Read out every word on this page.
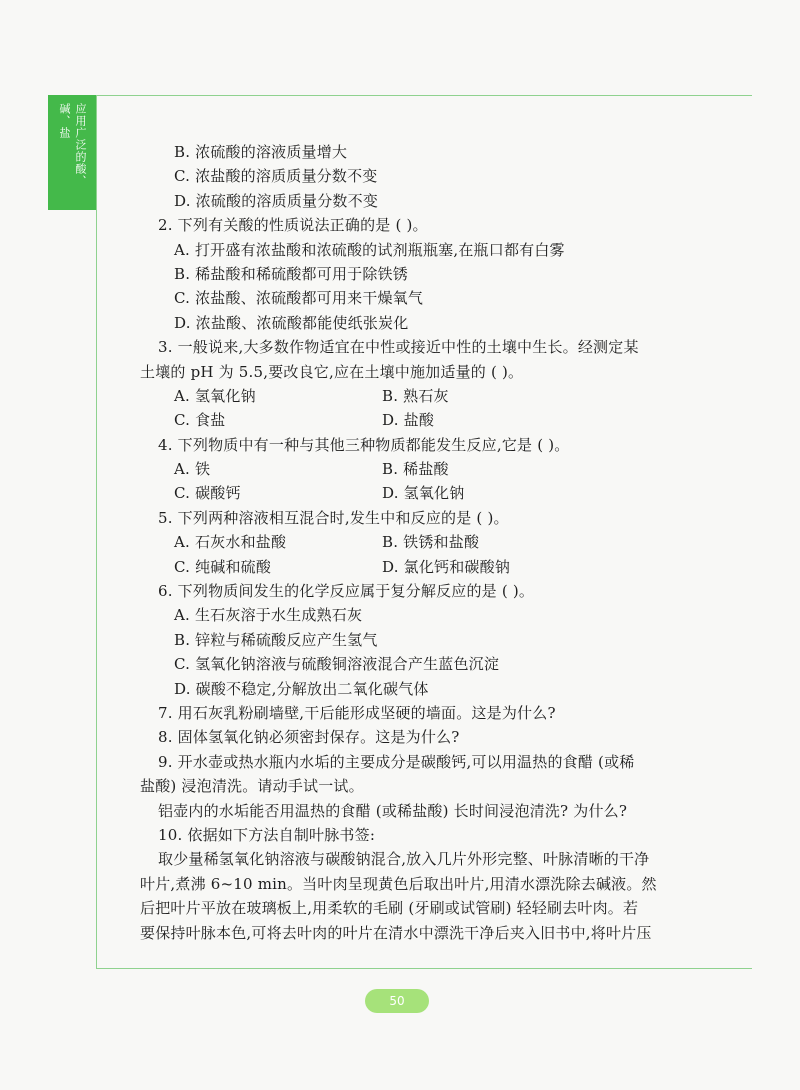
应用广泛的酸、碱、盐
B. 浓硫酸的溶液质量增大
C. 浓盐酸的溶质质量分数不变
D. 浓硫酸的溶质质量分数不变
2. 下列有关酸的性质说法正确的是 ( )。
A. 打开盛有浓盐酸和浓硫酸的试剂瓶瓶塞,在瓶口都有白雾
B. 稀盐酸和稀硫酸都可用于除铁锈
C. 浓盐酸、浓硫酸都可用来干燥氧气
D. 浓盐酸、浓硫酸都能使纸张炭化
3. 一般说来,大多数作物适宜在中性或接近中性的土壤中生长。经测定某
土壤的 pH 为 5.5,要改良它,应在土壤中施加适量的 ( )。
A. 氢氧化钠	B. 熟石灰
C. 食盐	D. 盐酸
4. 下列物质中有一种与其他三种物质都能发生反应,它是 ( )。
A. 铁	B. 稀盐酸
C. 碳酸钙	D. 氢氧化钠
5. 下列两种溶液相互混合时,发生中和反应的是 ( )。
A. 石灰水和盐酸	B. 铁锈和盐酸
C. 纯碱和硫酸	D. 氯化钙和碳酸钠
6. 下列物质间发生的化学反应属于复分解反应的是 ( )。
A. 生石灰溶于水生成熟石灰
B. 锌粒与稀硫酸反应产生氢气
C. 氢氧化钠溶液与硫酸铜溶液混合产生蓝色沉淀
D. 碳酸不稳定,分解放出二氧化碳气体
7. 用石灰乳粉刷墙壁,干后能形成坚硬的墙面。这是为什么?
8. 固体氢氧化钠必须密封保存。这是为什么?
9. 开水壶或热水瓶内水垢的主要成分是碳酸钙,可以用温热的食醋 (或稀
盐酸) 浸泡清洗。请动手试一试。
铝壶内的水垢能否用温热的食醋 (或稀盐酸) 长时间浸泡清洗? 为什么?
10. 依据如下方法自制叶脉书签:
取少量稀氢氧化钠溶液与碳酸钠混合,放入几片外形完整、叶脉清晰的干净
叶片,煮沸 6~10 min。当叶肉呈现黄色后取出叶片,用清水漂洗除去碱液。然
后把叶片平放在玻璃板上,用柔软的毛刷 (牙刷或试管刷) 轻轻刷去叶肉。若
要保持叶脉本色,可将去叶肉的叶片在清水中漂洗干净后夹入旧书中,将叶片压
50
